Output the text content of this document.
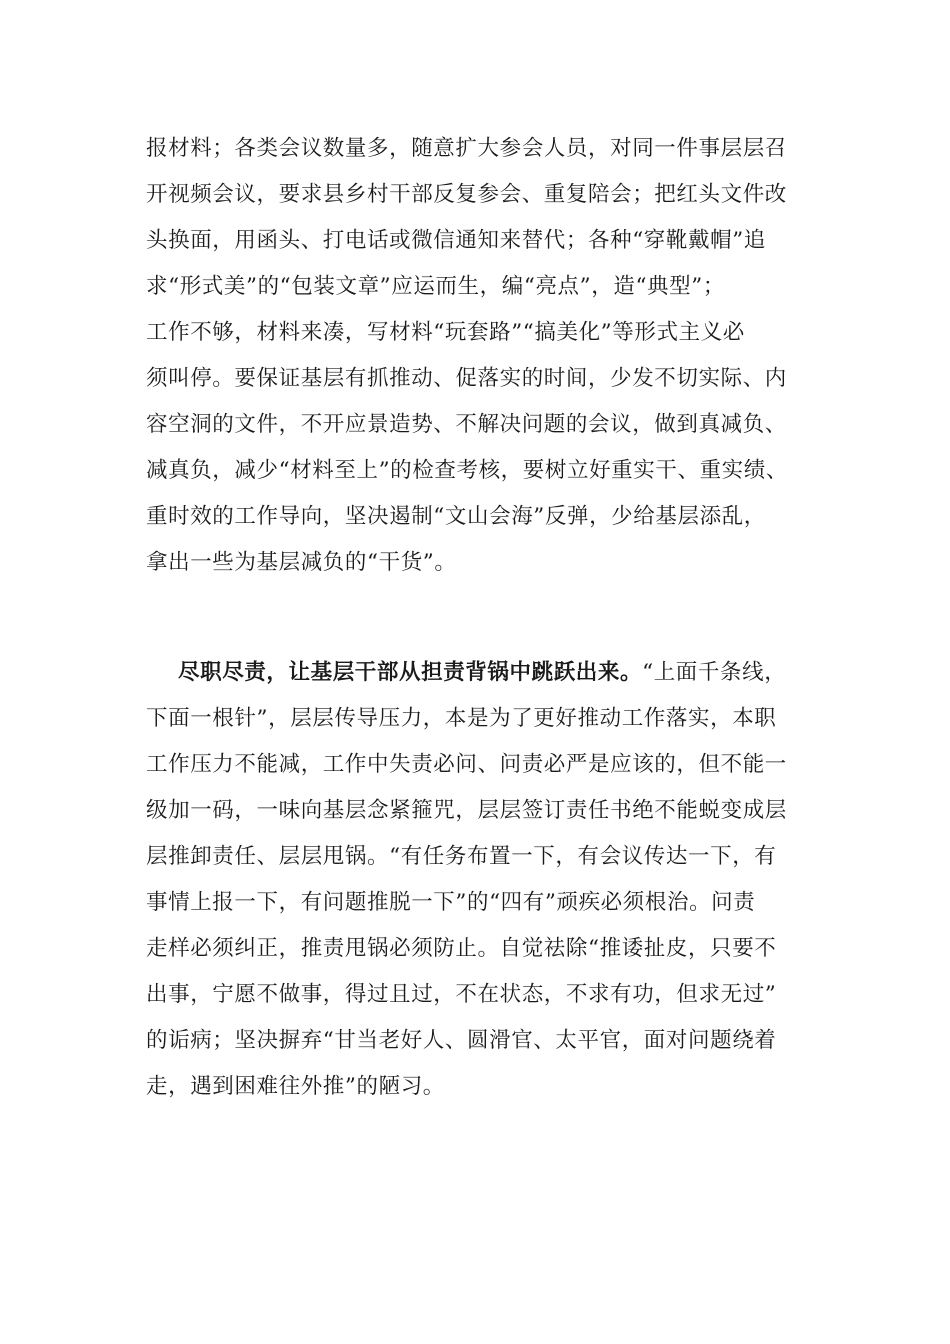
报材料；各类会议数量多，随意扩大参会人员，对同一件事层层召
开视频会议，要求县乡村干部反复参会、重复陪会；把红头文件改
头换面，用函头、打电话或微信通知来替代；各种“穿靴戴帽”追
求“形式美”的“包装文章”应运而生，编“亮点”，造“典型”；
工作不够，材料来凑，写材料“玩套路”“搞美化”等形式主义必
须叫停。要保证基层有抓推动、促落实的时间，少发不切实际、内
容空洞的文件，不开应景造势、不解决问题的会议，做到真减负、
减真负，减少“材料至上”的检查考核，要树立好重实干、重实绩、
重时效的工作导向，坚决遏制“文山会海”反弹，少给基层添乱，
拿出一些为基层减负的“干货”。
尽职尽责，让基层干部从担责背锅中跳跃出来。“上面千条线，
下面一根针”，层层传导压力，本是为了更好推动工作落实，本职
工作压力不能减，工作中失责必问、问责必严是应该的，但不能一
级加一码，一味向基层念紧箍咒，层层签订责任书绝不能蜕变成层
层推卸责任、层层甩锅。“有任务布置一下，有会议传达一下，有
事情上报一下，有问题推脱一下”的“四有”顽疾必须根治。问责
走样必须纠正，推责甩锅必须防止。自觉祛除“推诿扯皮，只要不
出事，宁愿不做事，得过且过，不在状态，不求有功，但求无过”
的诟病；坚决摒弃“甘当老好人、圆滑官、太平官，面对问题绕着
走，遇到困难往外推”的陋习。
